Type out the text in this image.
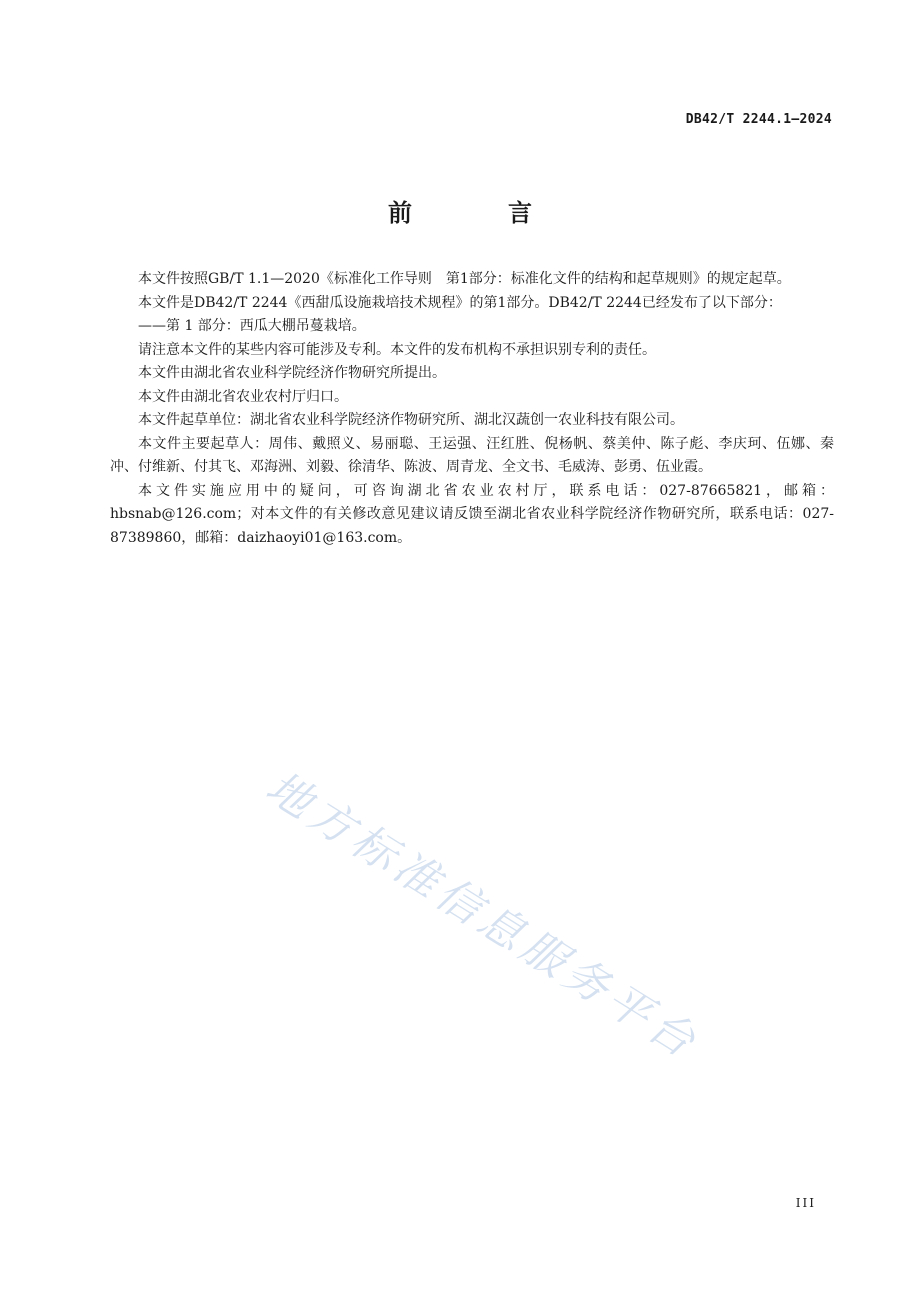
地方标准信息服务平台
DB42/T 2244.1—2024
前　言

本文件按照GB/T 1.1—2020《标准化工作导则　第1部分：标准化文件的结构和起草规则》的规定起草。

本文件是DB42/T 2244《西甜瓜设施栽培技术规程》的第1部分。DB42/T 2244已经发布了以下部分：

——第 1 部分：西瓜大棚吊蔓栽培。

请注意本文件的某些内容可能涉及专利。本文件的发布机构不承担识别专利的责任。

本文件由湖北省农业科学院经济作物研究所提出。

本文件由湖北省农业农村厅归口。

本文件起草单位：湖北省农业科学院经济作物研究所、湖北汉蔬创一农业科技有限公司。

本文件主要起草人：周伟、戴照义、易丽聪、王运强、汪红胜、倪杨帆、蔡美仲、陈子彪、李庆珂、伍娜、秦冲、付维新、付其飞、邓海洲、刘毅、徐清华、陈波、周青龙、全文书、毛威涛、彭勇、伍业霞。

本文件实施应用中的疑问，可咨询湖北省农业农村厅，联系电话：027-87665821，邮箱：hbsnab@126.com；对本文件的有关修改意见建议请反馈至湖北省农业科学院经济作物研究所，联系电话：027-87389860，邮箱：daizhaoyi01@163.com。

III
